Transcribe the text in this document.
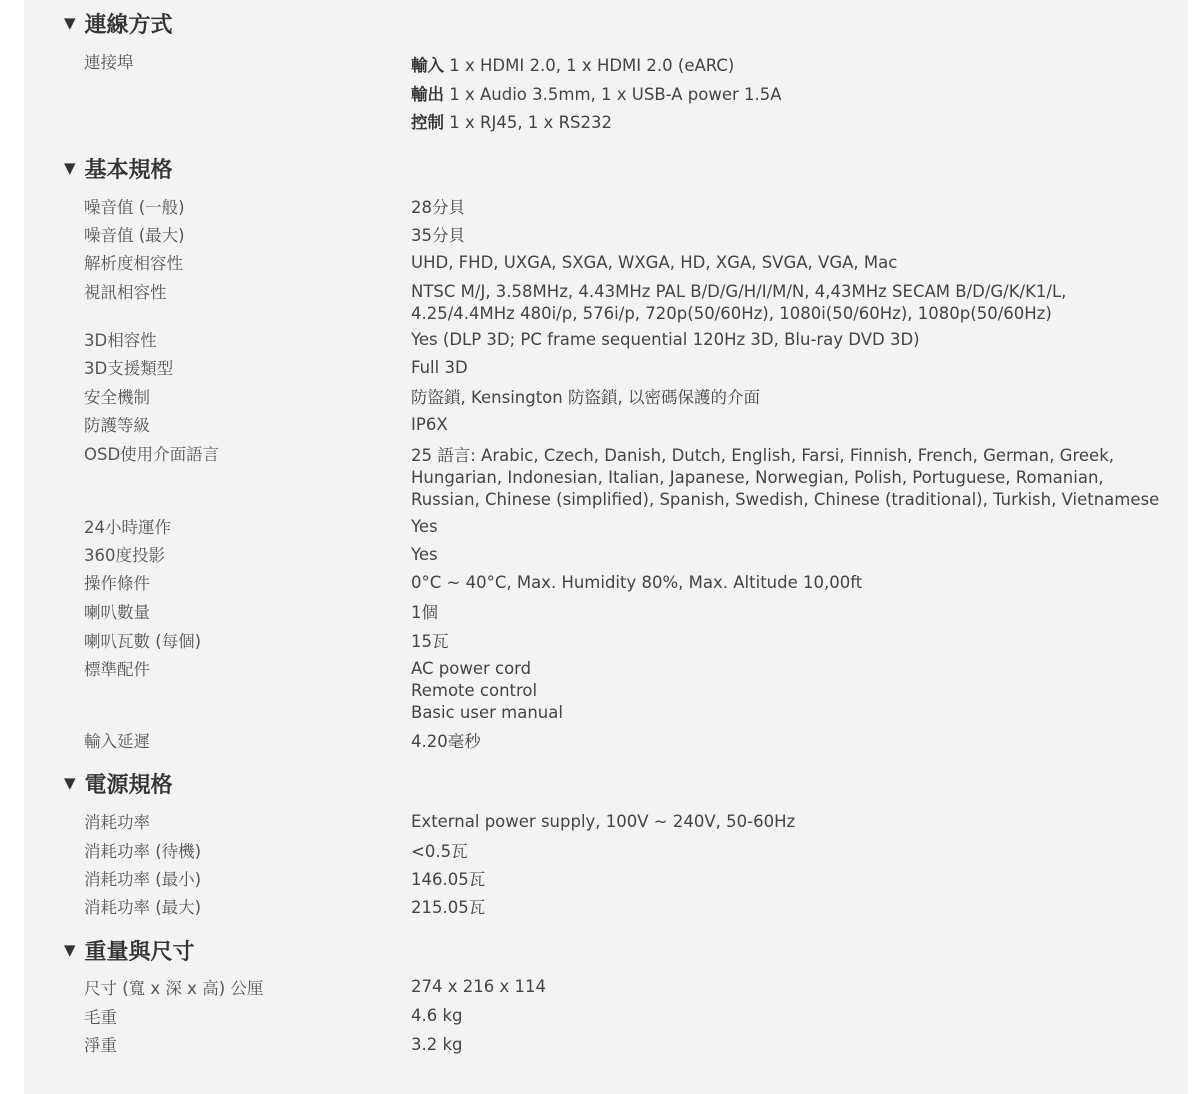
▼ 連線方式
連接埠	輸入 1 x HDMI 2.0, 1 x HDMI 2.0 (eARC)
輸出 1 x Audio 3.5mm, 1 x USB-A power 1.5A
控制 1 x RJ45, 1 x RS232
▼ 基本規格
噪音值 (一般)	28分貝
噪音值 (最大)	35分貝
解析度相容性	UHD, FHD, UXGA, SXGA, WXGA, HD, XGA, SVGA, VGA, Mac
視訊相容性	NTSC M/J, 3.58MHz, 4.43MHz PAL B/D/G/H/I/M/N, 4,43MHz SECAM B/D/G/K/K1/L,
4.25/4.4MHz 480i/p, 576i/p, 720p(50/60Hz), 1080i(50/60Hz), 1080p(50/60Hz)
3D相容性	Yes (DLP 3D; PC frame sequential 120Hz 3D, Blu-ray DVD 3D)
3D支援類型	Full 3D
安全機制	防盜鎖, Kensington 防盜鎖, 以密碼保護的介面
防護等級	IP6X
OSD使用介面語言	25 語言: Arabic, Czech, Danish, Dutch, English, Farsi, Finnish, French, German, Greek,
Hungarian, Indonesian, Italian, Japanese, Norwegian, Polish, Portuguese, Romanian,
Russian, Chinese (simplified), Spanish, Swedish, Chinese (traditional), Turkish, Vietnamese
24小時運作	Yes
360度投影	Yes
操作條件	0°C ~ 40°C, Max. Humidity 80%, Max. Altitude 10,00ft
喇叭數量	1個
喇叭瓦數 (每個)	15瓦
標準配件	AC power cord
Remote control
Basic user manual
輸入延遲	4.20毫秒
▼ 電源規格
消耗功率	External power supply, 100V ~ 240V, 50-60Hz
消耗功率 (待機)	<0.5瓦
消耗功率 (最小)	146.05瓦
消耗功率 (最大)	215.05瓦
▼ 重量與尺寸
尺寸 (寬 x 深 x 高) 公厘	274 x 216 x 114
毛重	4.6 kg
淨重	3.2 kg
